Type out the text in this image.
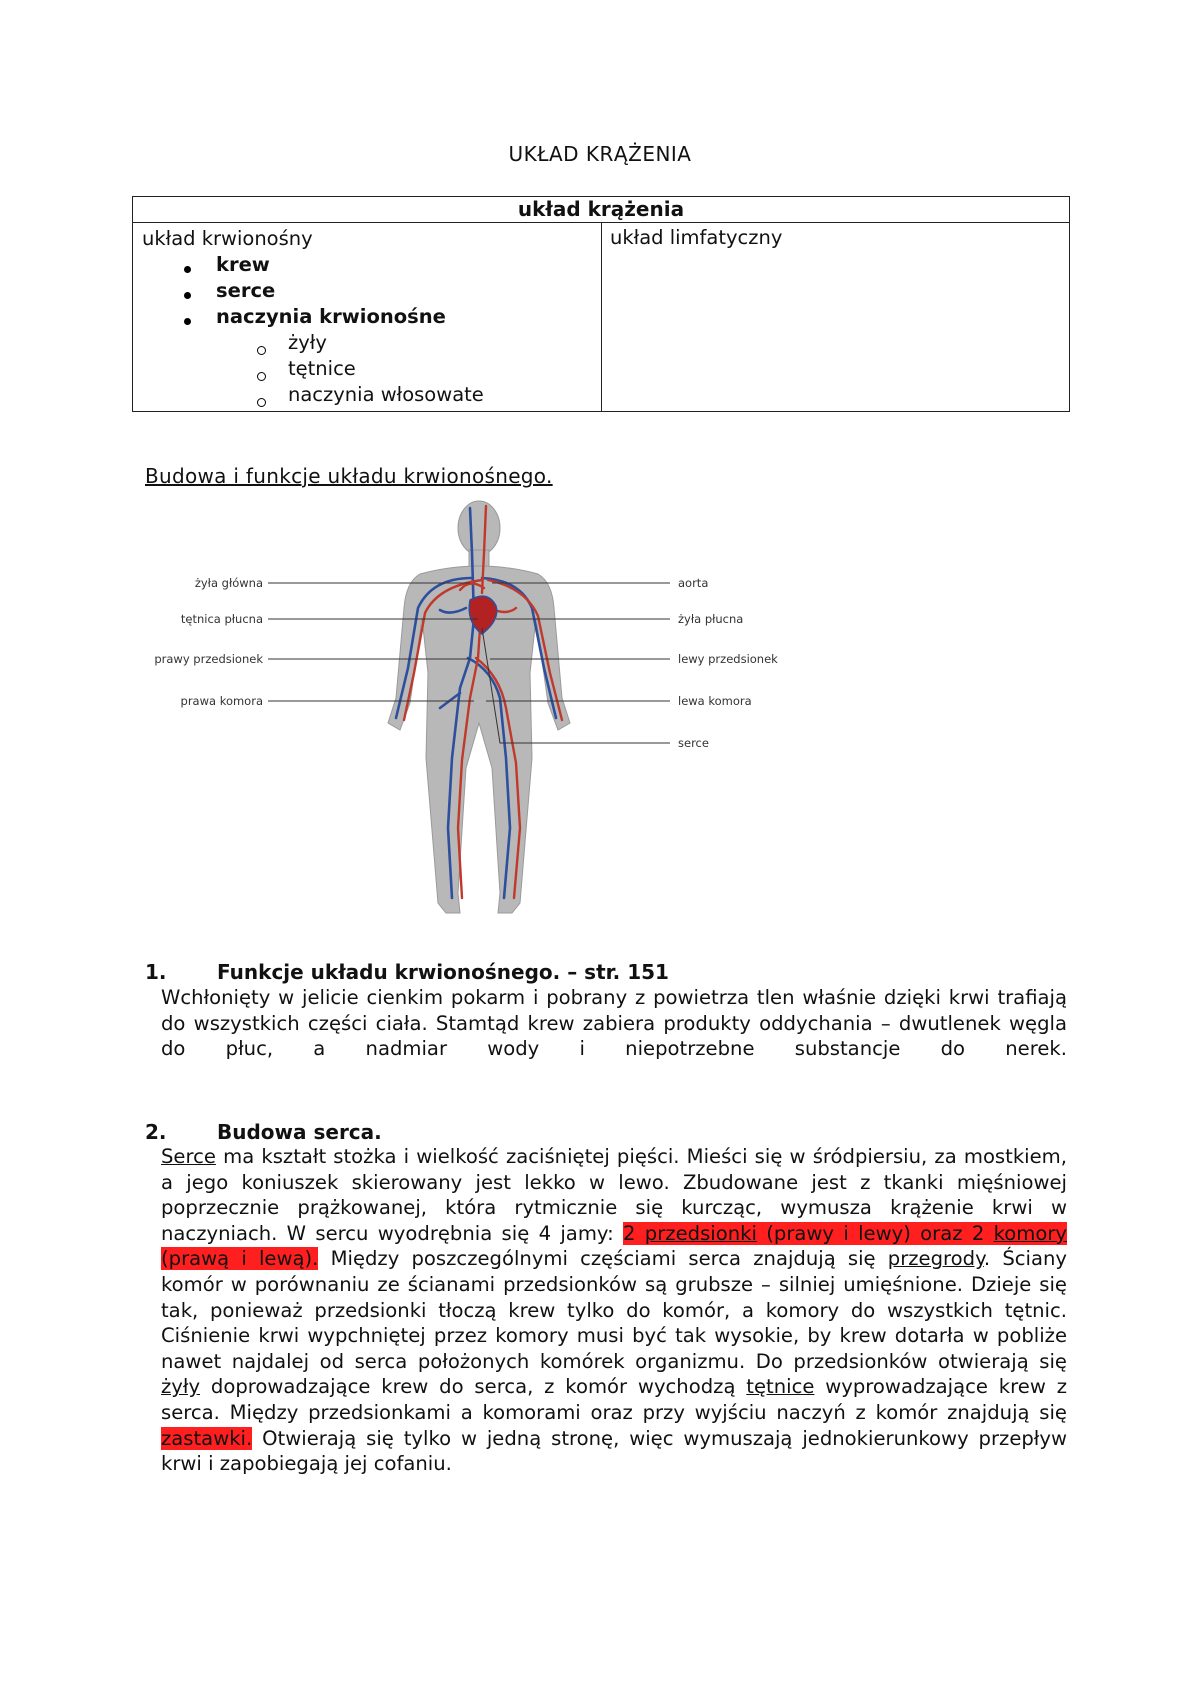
UKŁAD KRĄŻENIA
układ krążenia
układ krwionośny
krew
serce
naczynia krwionośne
żyły
tętnice
naczynia włosowate
układ limfatyczny
Budowa i funkcje układu krwionośnego.
żyła główna
tętnica płucna
prawy przedsionek
prawa komora
aorta
żyła płucna
lewy przedsionek
lewa komora
serce
1.	Funkcje układu krwionośnego. – str. 151
Wchłonięty w jelicie cienkim pokarm i pobrany z powietrza tlen właśnie dzięki krwi trafiają do wszystkich części ciała. Stamtąd krew zabiera produkty oddychania – dwutlenek węgla do płuc, a nadmiar wody i niepotrzebne substancje do nerek.
2.	Budowa serca.
Serce ma kształt stożka i wielkość zaciśniętej pięści. Mieści się w śródpiersiu, za mostkiem, a jego koniuszek skierowany jest lekko w lewo. Zbudowane jest z tkanki mięśniowej poprzecznie prążkowanej, która rytmicznie się kurcząc, wymusza krążenie krwi w naczyniach. W sercu wyodrębnia się 4 jamy: 2 przedsionki (prawy i lewy) oraz 2 komory (prawą i lewą). Między poszczególnymi częściami serca znajdują się przegrody. Ściany komór w porównaniu ze ścianami przedsionków są grubsze – silniej umięśnione. Dzieje się tak, ponieważ przedsionki tłoczą krew tylko do komór, a komory do wszystkich tętnic. Ciśnienie krwi wypchniętej przez komory musi być tak wysokie, by krew dotarła w pobliże nawet najdalej od serca położonych komórek organizmu. Do przedsionków otwierają się żyły doprowadzające krew do serca, z komór wychodzą tętnice wyprowadzające krew z serca. Między przedsionkami a komorami oraz przy wyjściu naczyń z komór znajdują się zastawki. Otwierają się tylko w jedną stronę, więc wymuszają jednokierunkowy przepływ krwi i zapobiegają jej cofaniu.
